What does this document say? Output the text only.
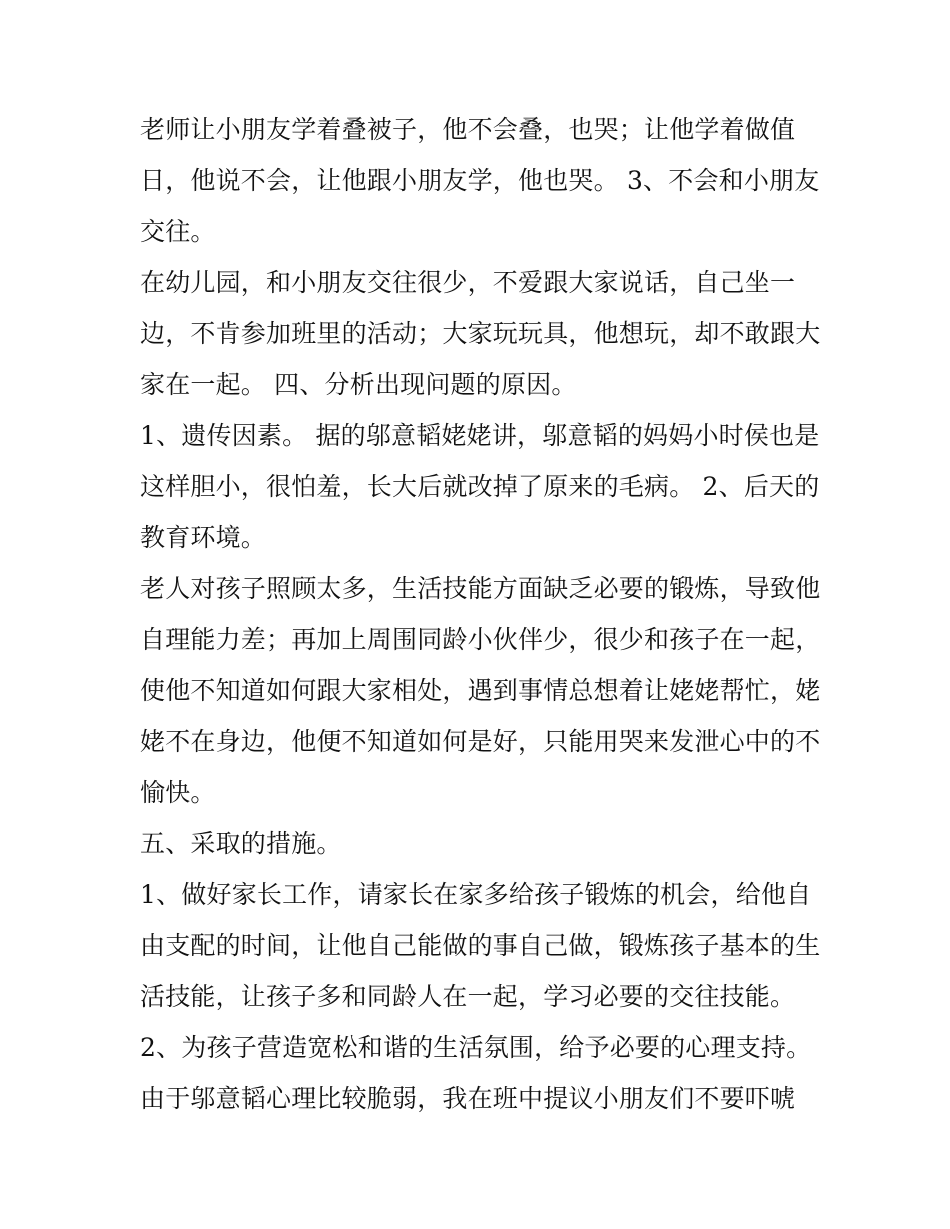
老师让小朋友学着叠被子，他不会叠，也哭；让他学着做值
日，他说不会，让他跟小朋友学，他也哭。 3、不会和小朋友
交往。

在幼儿园，和小朋友交往很少，不爱跟大家说话，自己坐一
边，不肯参加班里的活动；大家玩玩具，他想玩，却不敢跟大
家在一起。 四、分析出现问题的原因。

1、遗传因素。 据的邬意韬姥姥讲，邬意韬的妈妈小时侯也是
这样胆小，很怕羞，长大后就改掉了原来的毛病。 2、后天的
教育环境。

老人对孩子照顾太多，生活技能方面缺乏必要的锻炼，导致他
自理能力差；再加上周围同龄小伙伴少，很少和孩子在一起，
使他不知道如何跟大家相处，遇到事情总想着让姥姥帮忙，姥
姥不在身边，他便不知道如何是好，只能用哭来发泄心中的不
愉快。

五、采取的措施。

1、做好家长工作，请家长在家多给孩子锻炼的机会，给他自
由支配的时间，让他自己能做的事自己做，锻炼孩子基本的生
活技能，让孩子多和同龄人在一起，学习必要的交往技能。

2、为孩子营造宽松和谐的生活氛围，给予必要的心理支持。

由于邬意韬心理比较脆弱，我在班中提议小朋友们不要吓唬
